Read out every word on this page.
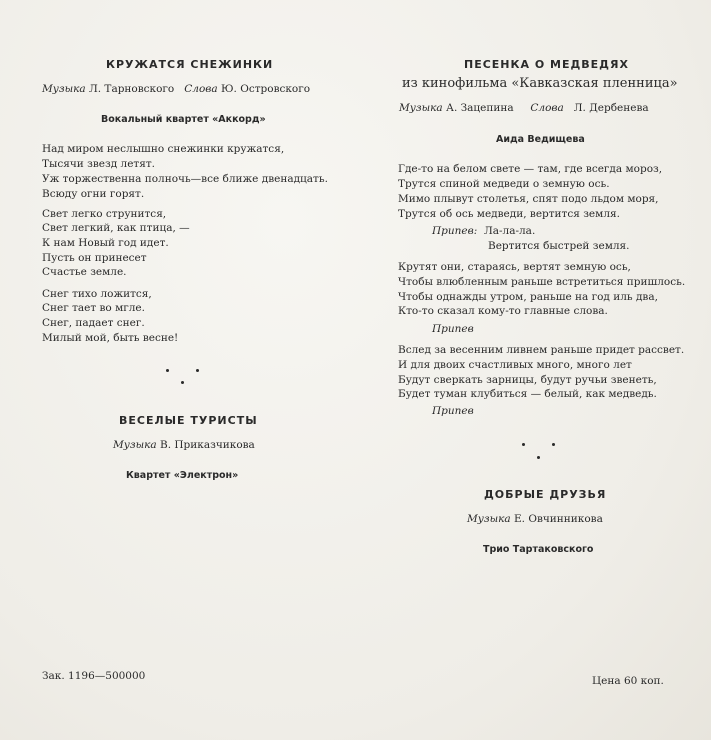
КРУЖАТСЯ СНЕЖИНКИ
Музыка Л. Тарновского Слова Ю. Островского
Вокальный квартет «Аккорд»
Над миром неслышно снежинки кружатся,
Тысячи звезд летят.
Уж торжественна полночь—все ближе двенадцать.
Всюду огни горят.
Свет легко струнится,
Свет легкий, как птица, —
К нам Новый год идет.
Пусть он принесет
Счастье земле.
Снег тихо ложится,
Снег тает во мгле.
Снег, падает снег.
Милый мой, быть весне!
ВЕСЕЛЫЕ ТУРИСТЫ
Музыка В. Приказчикова
Квартет «Электрон»
Зак. 1196—500000
ПЕСЕНКА О МЕДВЕДЯХ
из кинофильма «Кавказская пленница»
Музыка А. Зацепина Слова Л. Дербенева
Аида Ведищева
Где-то на белом свете — там, где всегда мороз,
Трутся спиной медведи о земную ось.
Мимо плывут столетья, спят подо льдом моря,
Трутся об ось медведи, вертится земля.
Припев: Ла-ла-ла.
Вертится быстрей земля.
Крутят они, стараясь, вертят земную ось,
Чтобы влюбленным раньше встретиться пришлось.
Чтобы однажды утром, раньше на год иль два,
Кто-то сказал кому-то главные слова.
Припев
Вслед за весенним ливнем раньше придет рассвет.
И для двоих счастливых много, много лет
Будут сверкать зарницы, будут ручьи звенеть,
Будет туман клубиться — белый, как медведь.
Припев
ДОБРЫЕ ДРУЗЬЯ
Музыка Е. Овчинникова
Трио Тартаковского
Цена 60 коп.
